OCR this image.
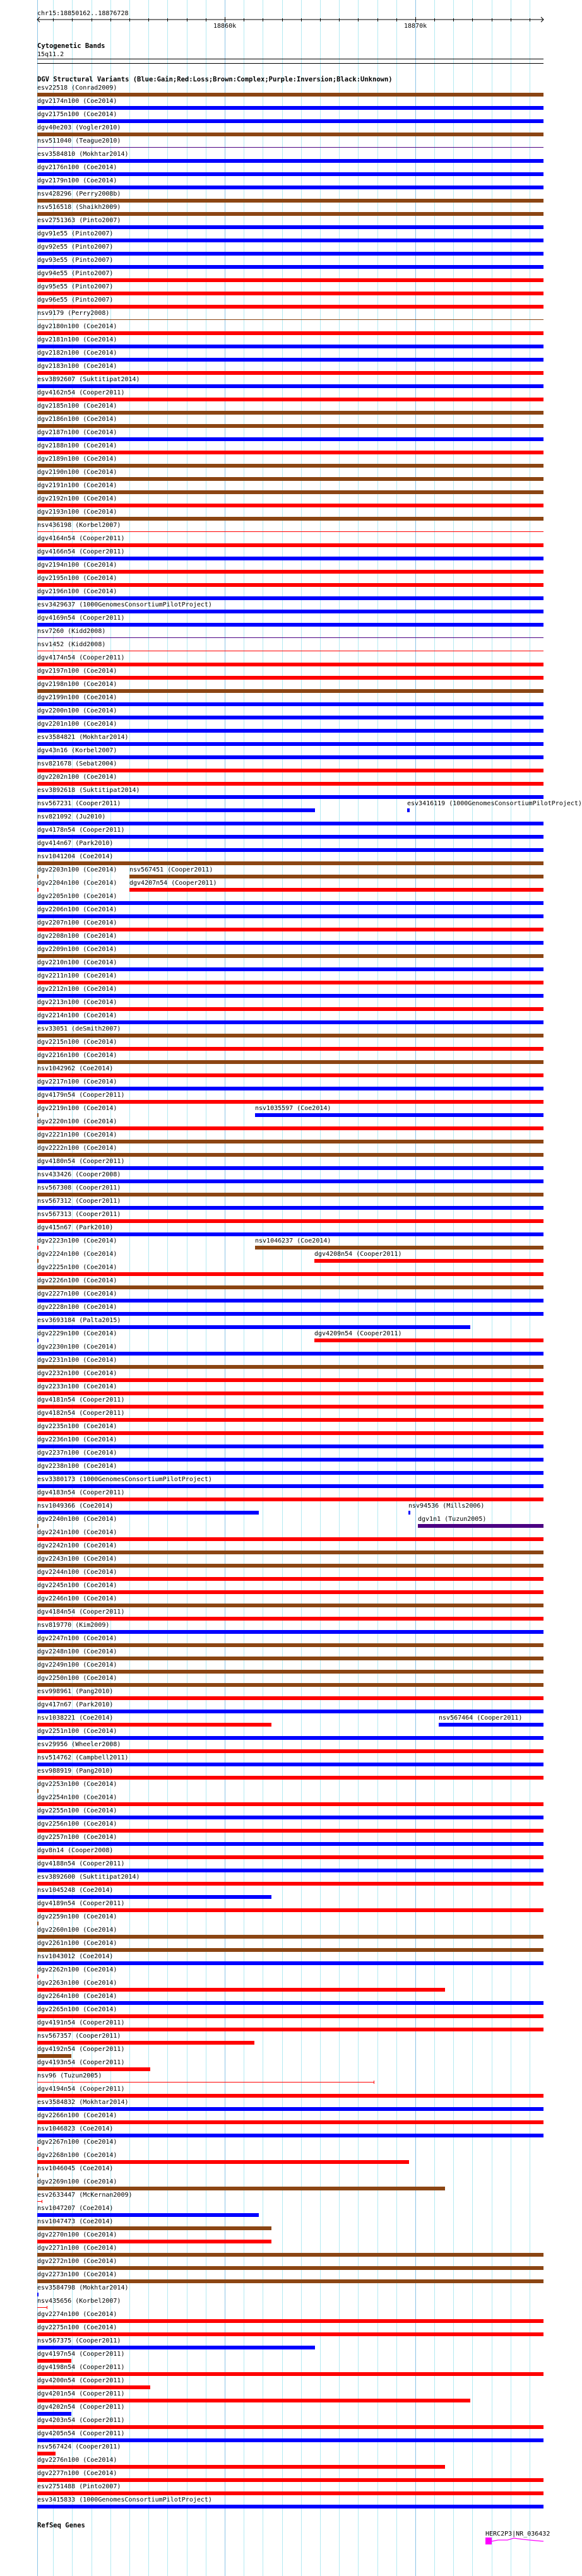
chr15:18850162..18876728
18860k	18870k
DGV Structural Variants (Blue:Gain;Red:Loss;Brown:Complex;Purple:Inversion;Black:Unknown)
Cytogenetic Bands
15q11.2
esv22518 (Conrad2009)
dgv2174n100 (Coe2014)
dgv2175n100 (Coe2014)
dgv40e203 (Vogler2010)
nsv511040 (Teague2010)
esv3584810 (Mokhtar2014)
dgv2176n100 (Coe2014)
dgv2179n100 (Coe2014)
nsv428296 (Perry2008b)
nsv516518 (Shaikh2009)
esv2751363 (Pinto2007)
dgv91e55 (Pinto2007)
dgv92e55 (Pinto2007)
dgv93e55 (Pinto2007)
dgv94e55 (Pinto2007)
dgv95e55 (Pinto2007)
dgv96e55 (Pinto2007)
nsv9179 (Perry2008)
dgv2180n100 (Coe2014)
dgv2181n100 (Coe2014)
dgv2182n100 (Coe2014)
dgv2183n100 (Coe2014)
esv3892607 (Suktitipat2014)
dgv4162n54 (Cooper2011)
dgv2185n100 (Coe2014)
dgv2186n100 (Coe2014)
dgv2187n100 (Coe2014)
dgv2188n100 (Coe2014)
dgv2189n100 (Coe2014)
dgv2190n100 (Coe2014)
dgv2191n100 (Coe2014)
dgv2192n100 (Coe2014)
dgv2193n100 (Coe2014)
nsv436198 (Korbel2007)
dgv4164n54 (Cooper2011)
dgv4166n54 (Cooper2011)
dgv2194n100 (Coe2014)
dgv2195n100 (Coe2014)
dgv2196n100 (Coe2014)
esv3429637 (1000GenomesConsortiumPilotProject)
dgv4169n54 (Cooper2011)
nsv7260 (Kidd2008)
nsv1452 (Kidd2008)
dgv4174n54 (Cooper2011)
dgv2197n100 (Coe2014)
dgv2198n100 (Coe2014)
dgv2199n100 (Coe2014)
dgv2200n100 (Coe2014)
dgv2201n100 (Coe2014)
esv3584821 (Mokhtar2014)
dgv43n16 (Korbel2007)
nsv821678 (Sebat2004)
dgv2202n100 (Coe2014)
esv3892618 (Suktitipat2014)
nsv567231 (Cooper2011)	esv3416119 (1000GenomesConsortiumPilotProject)
nsv821092 (Ju2010)
dgv4178n54 (Cooper2011)
dgv414n67 (Park2010)
nsv1041204 (Coe2014)
dgv2203n100 (Coe2014) nsv567451 (Cooper2011)
dgv2204n100 (Coe2014) dgv4207n54 (Cooper2011)
dgv2205n100 (Coe2014)
dgv2206n100 (Coe2014)
dgv2207n100 (Coe2014)
dgv2208n100 (Coe2014)
dgv2209n100 (Coe2014)
dgv2210n100 (Coe2014)
dgv2211n100 (Coe2014)
dgv2212n100 (Coe2014)
dgv2213n100 (Coe2014)
dgv2214n100 (Coe2014)
esv33051 (deSmith2007)
dgv2215n100 (Coe2014)
dgv2216n100 (Coe2014)
nsv1042962 (Coe2014)
dgv2217n100 (Coe2014)
dgv4179n54 (Cooper2011)
dgv2219n100 (Coe2014)	nsv1035597 (Coe2014)
dgv2220n100 (Coe2014)
dgv2221n100 (Coe2014)
dgv2222n100 (Coe2014)
dgv4180n54 (Cooper2011)
nsv433426 (Cooper2008)
nsv567308 (Cooper2011)
nsv567312 (Cooper2011)
nsv567313 (Cooper2011)
dgv415n67 (Park2010)
dgv2223n100 (Coe2014)	nsv1046237 (Coe2014)
dgv2224n100 (Coe2014)	dgv4208n54 (Cooper2011)
dgv2225n100 (Coe2014)
dgv2226n100 (Coe2014)
dgv2227n100 (Coe2014)
dgv2228n100 (Coe2014)
esv3693184 (Palta2015)
dgv2229n100 (Coe2014)	dgv4209n54 (Cooper2011)
dgv2230n100 (Coe2014)
dgv2231n100 (Coe2014)
dgv2232n100 (Coe2014)
dgv2233n100 (Coe2014)
dgv4181n54 (Cooper2011)
dgv4182n54 (Cooper2011)
dgv2235n100 (Coe2014)
dgv2236n100 (Coe2014)
dgv2237n100 (Coe2014)
dgv2238n100 (Coe2014)
esv3380173 (1000GenomesConsortiumPilotProject)
dgv4183n54 (Cooper2011)
nsv1049366 (Coe2014)	nsv94536 (Mills2006)
dgv2240n100 (Coe2014)	dgv1n1 (Tuzun2005)
dgv2241n100 (Coe2014)
dgv2242n100 (Coe2014)
dgv2243n100 (Coe2014)
dgv2244n100 (Coe2014)
dgv2245n100 (Coe2014)
dgv2246n100 (Coe2014)
dgv4184n54 (Cooper2011)
nsv819770 (Kim2009)
dgv2247n100 (Coe2014)
dgv2248n100 (Coe2014)
dgv2249n100 (Coe2014)
dgv2250n100 (Coe2014)
esv998961 (Pang2010)
dgv417n67 (Park2010)
nsv1038221 (Coe2014)	nsv567464 (Cooper2011)
dgv2251n100 (Coe2014)
esv29956 (Wheeler2008)
nsv514762 (Campbell2011)
esv988919 (Pang2010)
dgv2253n100 (Coe2014)
dgv2254n100 (Coe2014)
dgv2255n100 (Coe2014)
dgv2256n100 (Coe2014)
dgv2257n100 (Coe2014)
dgv8n14 (Cooper2008)
dgv4188n54 (Cooper2011)
esv3892600 (Suktitipat2014)
nsv1045248 (Coe2014)
dgv4189n54 (Cooper2011)
dgv2259n100 (Coe2014)
dgv2260n100 (Coe2014)
dgv2261n100 (Coe2014)
nsv1043012 (Coe2014)
dgv2262n100 (Coe2014)
dgv2263n100 (Coe2014)
dgv2264n100 (Coe2014)
dgv2265n100 (Coe2014)
dgv4191n54 (Cooper2011)
nsv567357 (Cooper2011)
dgv4192n54 (Cooper2011)
dgv4193n54 (Cooper2011)
nsv96 (Tuzun2005)
dgv4194n54 (Cooper2011)
esv3584832 (Mokhtar2014)
dgv2266n100 (Coe2014)
nsv1046823 (Coe2014)
dgv2267n100 (Coe2014)
dgv2268n100 (Coe2014)
nsv1046045 (Coe2014)
dgv2269n100 (Coe2014)
esv2633447 (McKernan2009)
nsv1047207 (Coe2014)
nsv1047473 (Coe2014)
dgv2270n100 (Coe2014)
dgv2271n100 (Coe2014)
dgv2272n100 (Coe2014)
dgv2273n100 (Coe2014)
esv3584798 (Mokhtar2014)
nsv435656 (Korbel2007)
dgv2274n100 (Coe2014)
dgv2275n100 (Coe2014)
nsv567375 (Cooper2011)
dgv4197n54 (Cooper2011)
dgv4198n54 (Cooper2011)
dgv4200n54 (Cooper2011)
dgv4201n54 (Cooper2011)
dgv4202n54 (Cooper2011)
dgv4203n54 (Cooper2011)
dgv4205n54 (Cooper2011)
nsv567424 (Cooper2011)
dgv2276n100 (Coe2014)
dgv2277n100 (Coe2014)
esv2751488 (Pinto2007)
esv3415833 (1000GenomesConsortiumPilotProject)
RefSeq Genes
HERC2P3|NR_036432
